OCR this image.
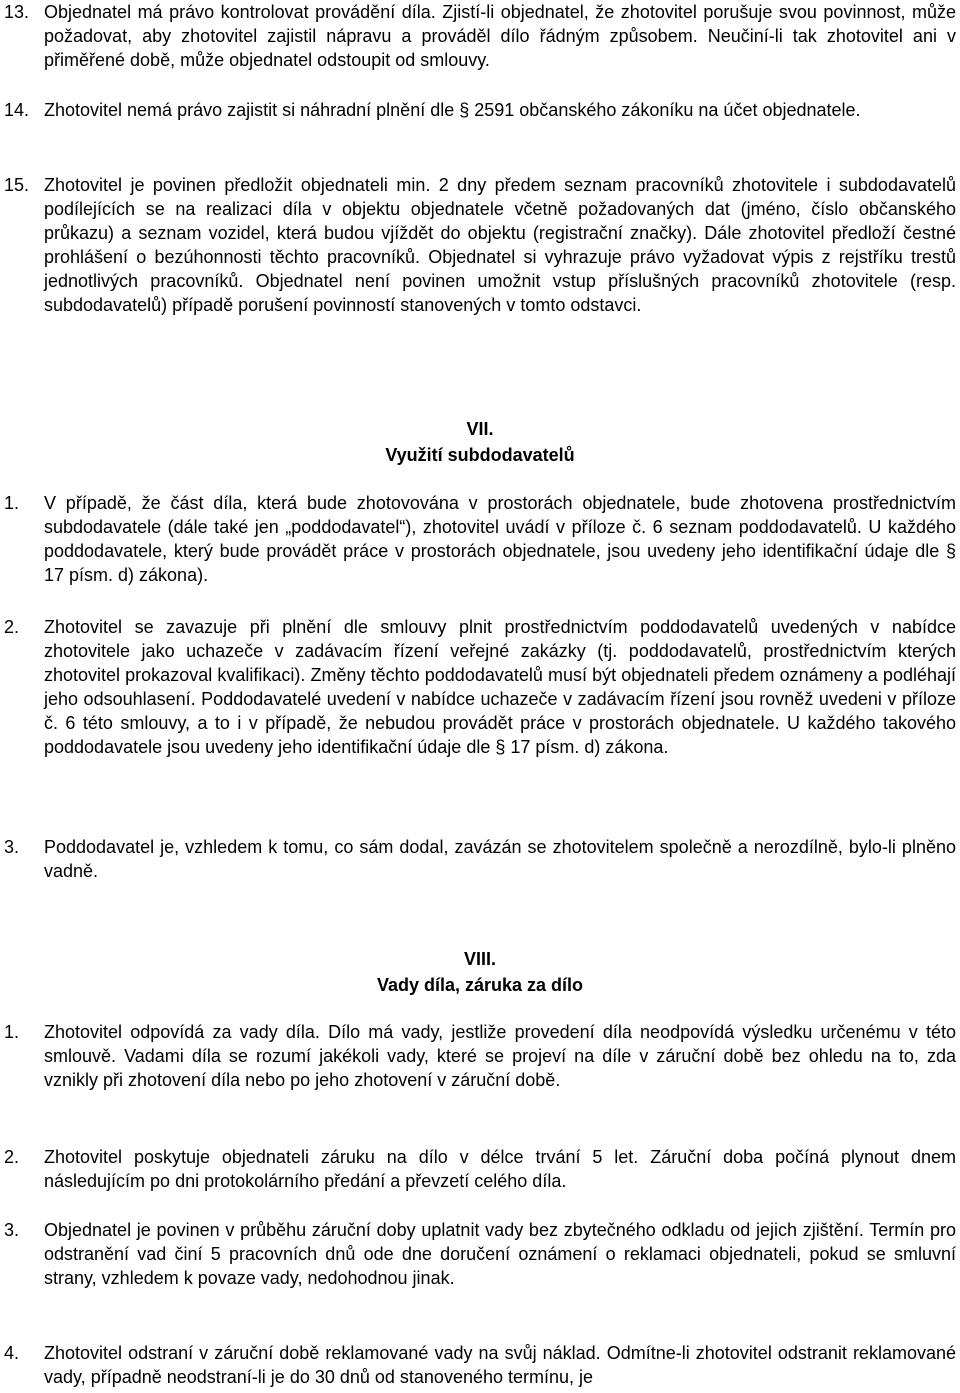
13. Objednatel má právo kontrolovat provádění díla. Zjistí-li objednatel, že zhotovitel porušuje svou povinnost, může požadovat, aby zhotovitel zajistil nápravu a prováděl dílo řádným způsobem. Neučiní-li tak zhotovitel ani v přiměřené době, může objednatel odstoupit od smlouvy.
14. Zhotovitel nemá právo zajistit si náhradní plnění dle § 2591 občanského zákoníku na účet objednatele.
15. Zhotovitel je povinen předložit objednateli min. 2 dny předem seznam pracovníků zhotovitele i subdodavatelů podílejících se na realizaci díla v objektu objednatele včetně požadovaných dat (jméno, číslo občanského průkazu) a seznam vozidel, která budou vjíždět do objektu (registrační značky). Dále zhotovitel předloží čestné prohlášení o bezúhonnosti těchto pracovníků. Objednatel si vyhrazuje právo vyžadovat výpis z rejstříku trestů jednotlivých pracovníků. Objednatel není povinen umožnit vstup příslušných pracovníků zhotovitele (resp. subdodavatelů) případě porušení povinností stanovených v tomto odstavci.
VII.
Využití subdodavatelů
1. V případě, že část díla, která bude zhotovována v prostorách objednatele, bude zhotovena prostřednictvím subdodavatele (dále také jen „poddodavatel“), zhotovitel uvádí v příloze č. 6 seznam poddodavatelů. U každého poddodavatele, který bude provádět práce v prostorách objednatele, jsou uvedeny jeho identifikační údaje dle § 17 písm. d) zákona).
2. Zhotovitel se zavazuje při plnění dle smlouvy plnit prostřednictvím poddodavatelů uvedených v nabídce zhotovitele jako uchazeče v zadávacím řízení veřejné zakázky (tj. poddodavatelů, prostřednictvím kterých zhotovitel prokazoval kvalifikaci). Změny těchto poddodavatelů musí být objednateli předem oznámeny a podléhají jeho odsouhlasení. Poddodavatelé uvedení v nabídce uchazeče v zadávacím řízení jsou rovněž uvedeni v příloze č. 6 této smlouvy, a to i v případě, že nebudou provádět práce v prostorách objednatele. U každého takového poddodavatele jsou uvedeny jeho identifikační údaje dle § 17 písm. d) zákona.
3. Poddodavatel je, vzhledem k tomu, co sám dodal, zavázán se zhotovitelem společně a nerozdílně, bylo-li plněno vadně.
VIII.
Vady díla, záruka za dílo
1. Zhotovitel odpovídá za vady díla. Dílo má vady, jestliže provedení díla neodpovídá výsledku určenému v této smlouvě. Vadami díla se rozumí jakékoli vady, které se projeví na díle v záruční době bez ohledu na to, zda vznikly při zhotovení díla nebo po jeho zhotovení v záruční době.
2. Zhotovitel poskytuje objednateli záruku na dílo v délce trvání 5 let. Záruční doba počíná plynout dnem následujícím po dni protokolárního předání a převzetí celého díla.
3. Objednatel je povinen v průběhu záruční doby uplatnit vady bez zbytečného odkladu od jejich zjištění. Termín pro odstranění vad činí 5 pracovních dnů ode dne doručení oznámení o reklamaci objednateli, pokud se smluvní strany, vzhledem k povaze vady, nedohodnou jinak.
4. Zhotovitel odstraní v záruční době reklamované vady na svůj náklad. Odmítne-li zhotovitel odstranit reklamované vady, případně neodstraní-li je do 30 dnů od stanoveného termínu, je
